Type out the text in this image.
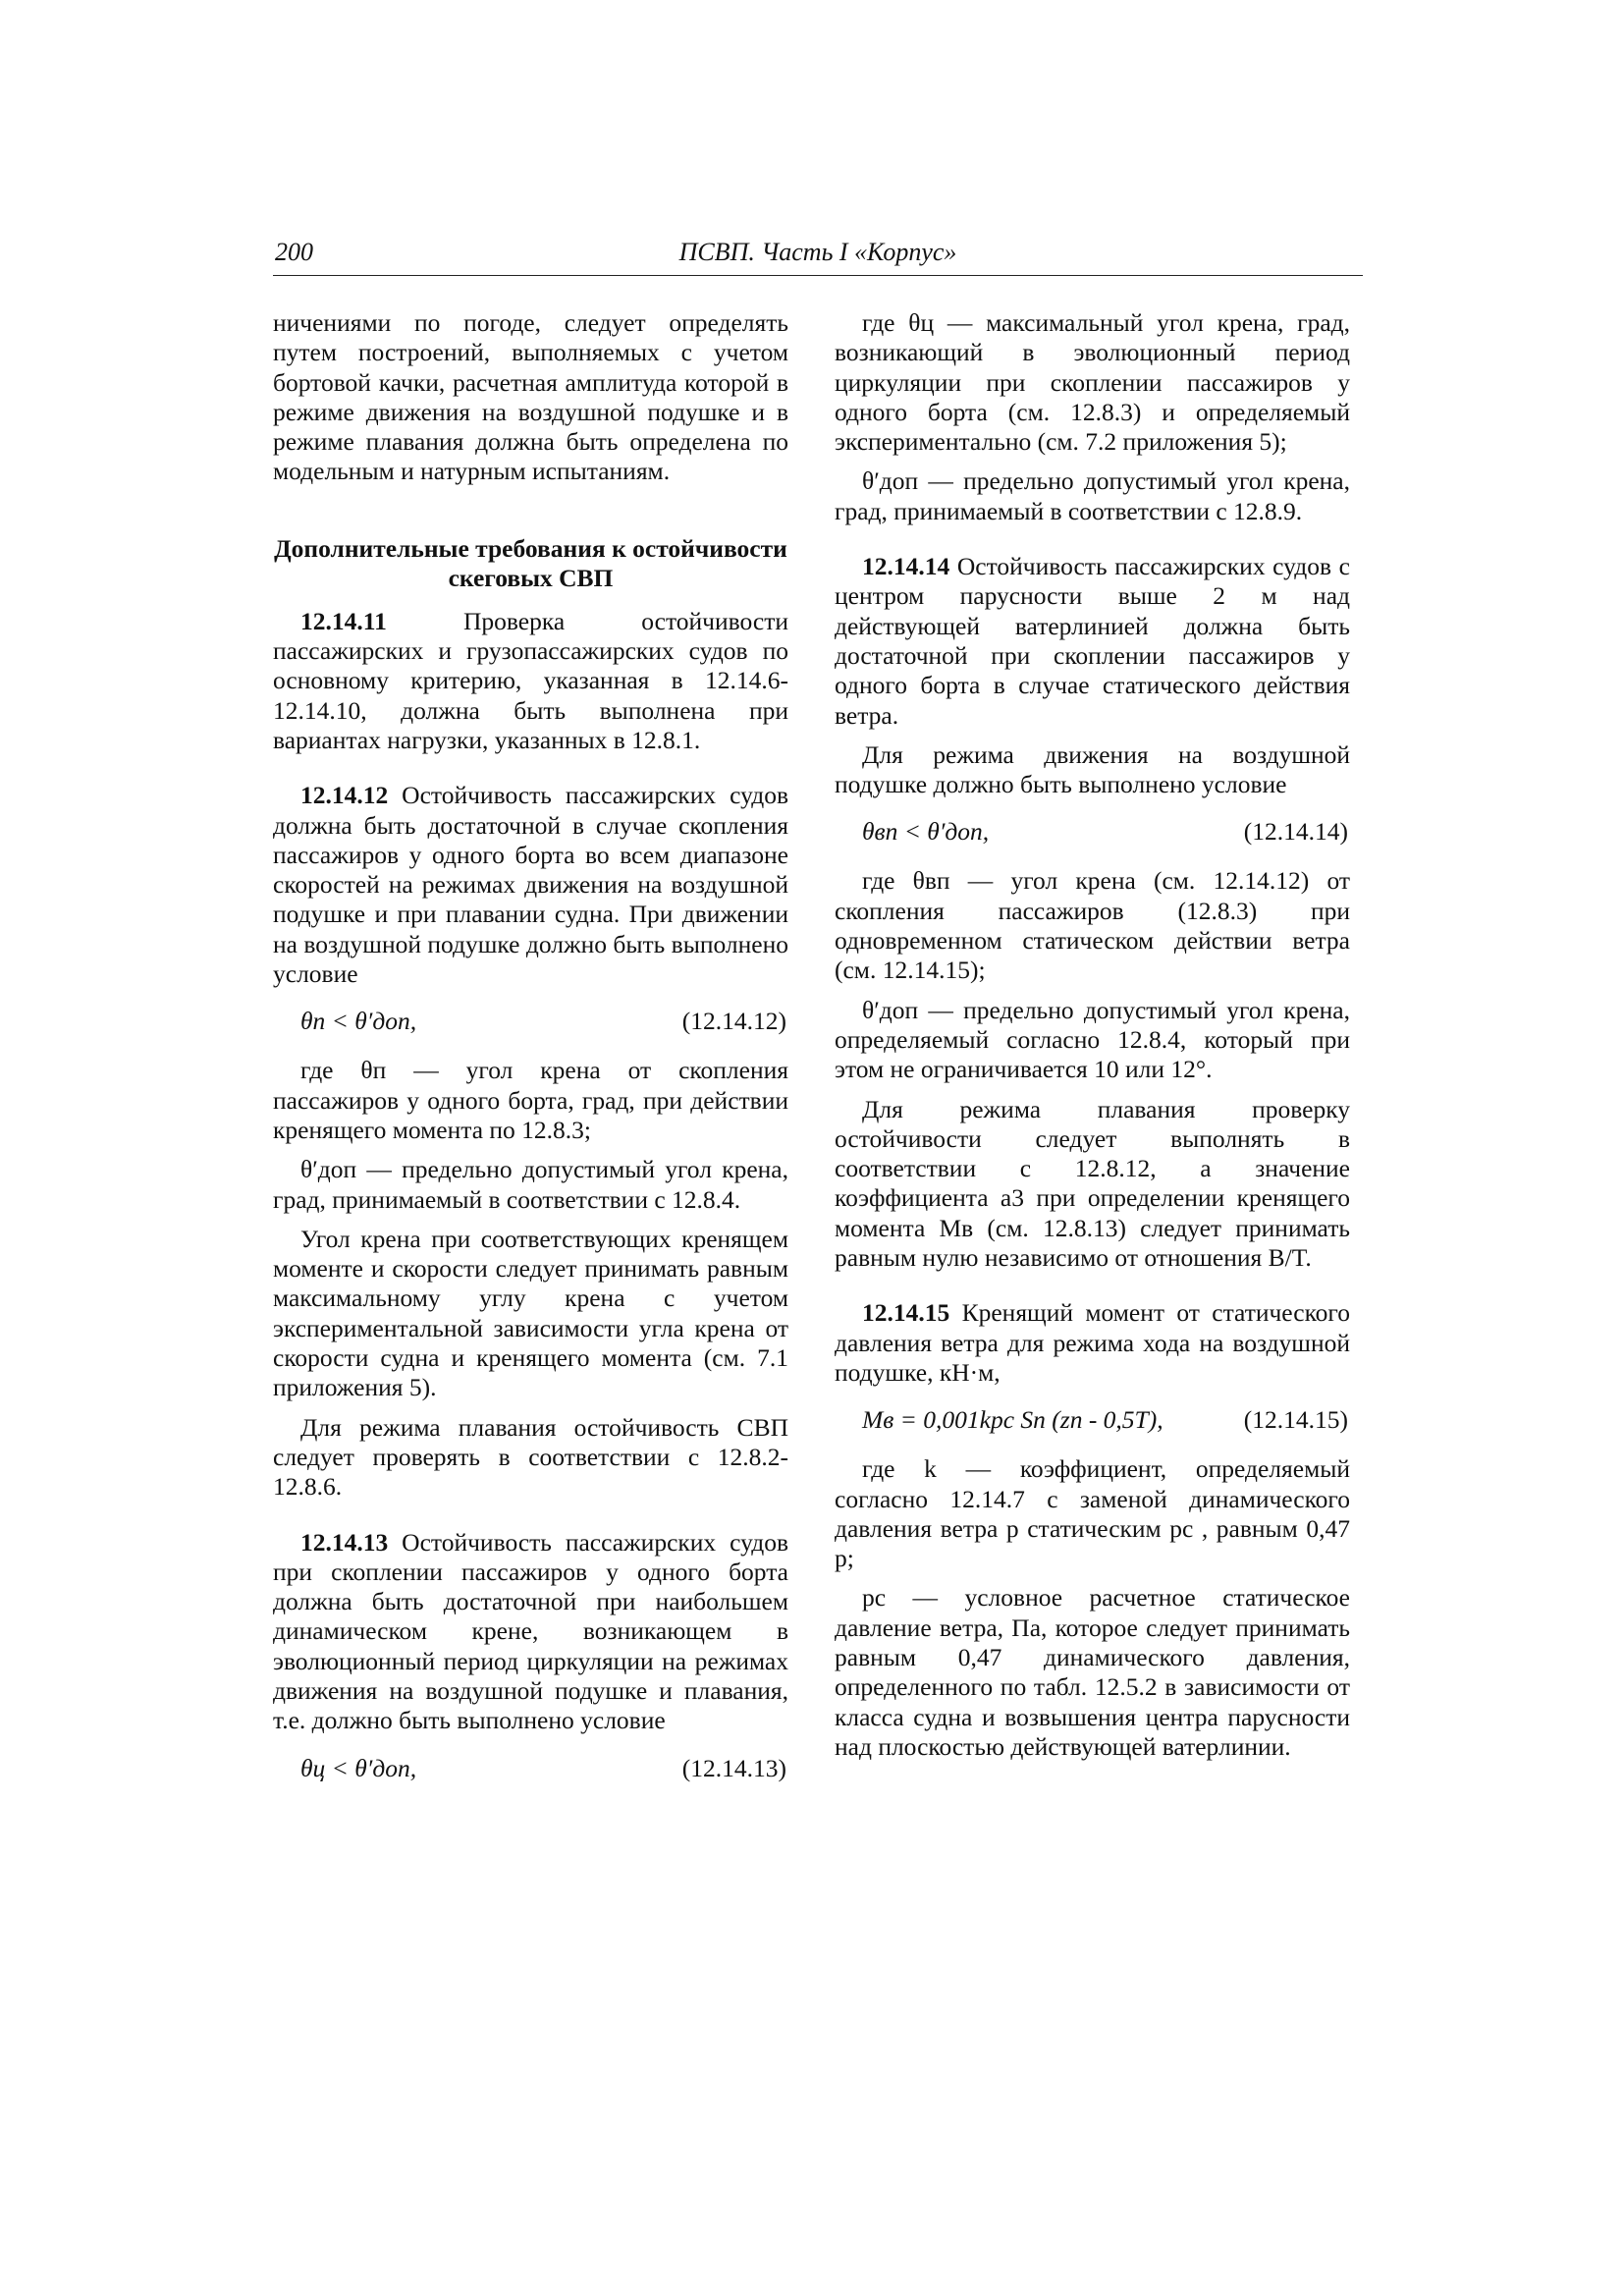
200	ПСВП. Часть I «Корпус»

ничениями по погоде, следует определять путем построений, выполняемых с учетом бортовой качки, расчетная амплитуда которой в режиме движения на воздушной подушке и в режиме плавания должна быть определена по модельным и натурным испытаниям.

Дополнительные требования к остойчивости скеговых СВП

12.14.11 Проверка остойчивости пассажирских и грузопассажирских судов по основному критерию, указанная в 12.14.6-12.14.10, должна быть выполнена при вариантах нагрузки, указанных в 12.8.1.

12.14.12 Остойчивость пассажирских судов должна быть достаточной в случае скопления пассажиров у одного борта во всем диапазоне скоростей на режимах движения на воздушной подушке и при плавании судна. При движении на воздушной подушке должно быть выполнено условие

θп < θ′доп,	(12.14.12)

где θп — угол крена от скопления пассажиров у одного борта, град, при действии кренящего момента по 12.8.3;

θ′доп — предельно допустимый угол крена, град, принимаемый в соответствии с 12.8.4.

Угол крена при соответствующих кренящем моменте и скорости следует принимать равным максимальному углу крена с учетом экспериментальной зависимости угла крена от скорости судна и кренящего момента (см. 7.1 приложения 5).

Для режима плавания остойчивость СВП следует проверять в соответствии с 12.8.2-12.8.6.

12.14.13 Остойчивость пассажирских судов при скоплении пассажиров у одного борта должна быть достаточной при наибольшем динамическом крене, возникающем в эволюционный период циркуляции на режимах движения на воздушной подушке и плавания, т.е. должно быть выполнено условие

θц < θ′доп,	(12.14.13)

где θц — максимальный угол крена, град, возникающий в эволюционный период циркуляции при скоплении пассажиров у одного борта (см. 12.8.3) и определяемый экспериментально (см. 7.2 приложения 5);

θ′доп — предельно допустимый угол крена, град, принимаемый в соответствии с 12.8.9.

12.14.14 Остойчивость пассажирских судов с центром парусности выше 2 м над действующей ватерлинией должна быть достаточной при скоплении пассажиров у одного борта в случае статического действия ветра.

Для режима движения на воздушной подушке должно быть выполнено условие

θвп < θ′доп,	(12.14.14)

где θвп — угол крена (см. 12.14.12) от скопления пассажиров (12.8.3) при одновременном статическом действии ветра (см. 12.14.15);

θ′доп — предельно допустимый угол крена, определяемый согласно 12.8.4, который при этом не ограничивается 10 или 12°.

Для режима плавания проверку остойчивости следует выполнять в соответствии с 12.8.12, а значение коэффициента a3 при определении кренящего момента Mв (см. 12.8.13) следует принимать равным нулю независимо от отношения B/T.

12.14.15 Кренящий момент от статического давления ветра для режима хода на воздушной подушке, кН·м,

Mв = 0,001kpс Sп (zп - 0,5T),	(12.14.15)

где k — коэффициент, определяемый согласно 12.14.7 с заменой динамического давления ветра p статическим pс , равным 0,47 p;

pс — условное расчетное статическое давление ветра, Па, которое следует принимать равным 0,47 динамического давления, определенного по табл. 12.5.2 в зависимости от класса судна и возвышения центра парусности над плоскостью действующей ватерлинии.
